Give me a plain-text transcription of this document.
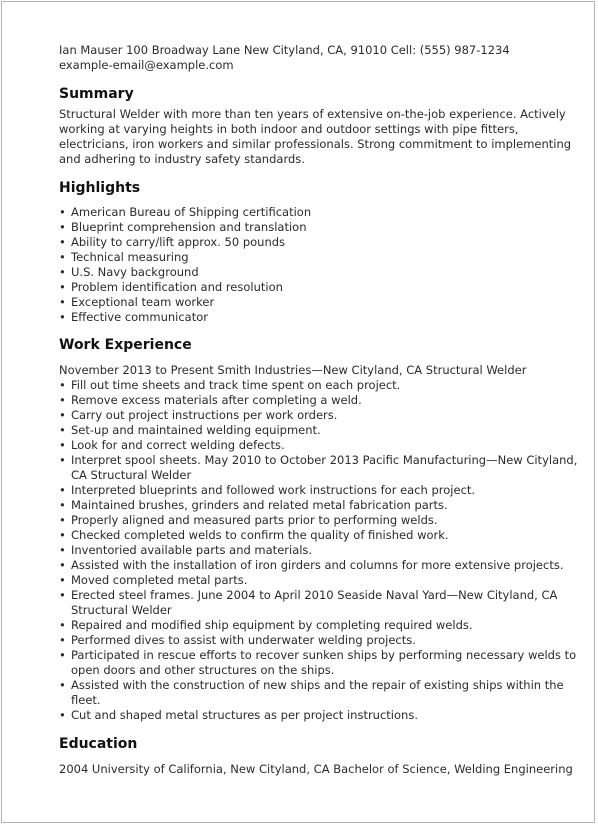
Ian Mauser 100 Broadway Lane New Cityland, CA, 91010 Cell: (555) 987-1234 example-email@example.com

Summary

Structural Welder with more than ten years of extensive on-the-job experience. Actively working at varying heights in both indoor and outdoor settings with pipe fitters, electricians, iron workers and similar professionals. Strong commitment to implementing and adhering to industry safety standards.

Highlights
• American Bureau of Shipping certification
• Blueprint comprehension and translation
• Ability to carry/lift approx. 50 pounds
• Technical measuring
• U.S. Navy background
• Problem identification and resolution
• Exceptional team worker
• Effective communicator
Work Experience

November 2013 to Present Smith Industries—New Cityland, CA Structural Welder

• Fill out time sheets and track time spent on each project.
• Remove excess materials after completing a weld.
• Carry out project instructions per work orders.
• Set-up and maintained welding equipment.
• Look for and correct welding defects.
• Interpret spool sheets. May 2010 to October 2013 Pacific Manufacturing—New Cityland, CA Structural Welder
• Interpreted blueprints and followed work instructions for each project.
• Maintained brushes, grinders and related metal fabrication parts.
• Properly aligned and measured parts prior to performing welds.
• Checked completed welds to confirm the quality of finished work.
• Inventoried available parts and materials.
• Assisted with the installation of iron girders and columns for more extensive projects.
• Moved completed metal parts.
• Erected steel frames. June 2004 to April 2010 Seaside Naval Yard—New Cityland, CA Structural Welder
• Repaired and modified ship equipment by completing required welds.
• Performed dives to assist with underwater welding projects.
• Participated in rescue efforts to recover sunken ships by performing necessary welds to open doors and other structures on the ships.
• Assisted with the construction of new ships and the repair of existing ships within the fleet.
• Cut and shaped metal structures as per project instructions.
Education

2004 University of California, New Cityland, CA Bachelor of Science, Welding Engineering
